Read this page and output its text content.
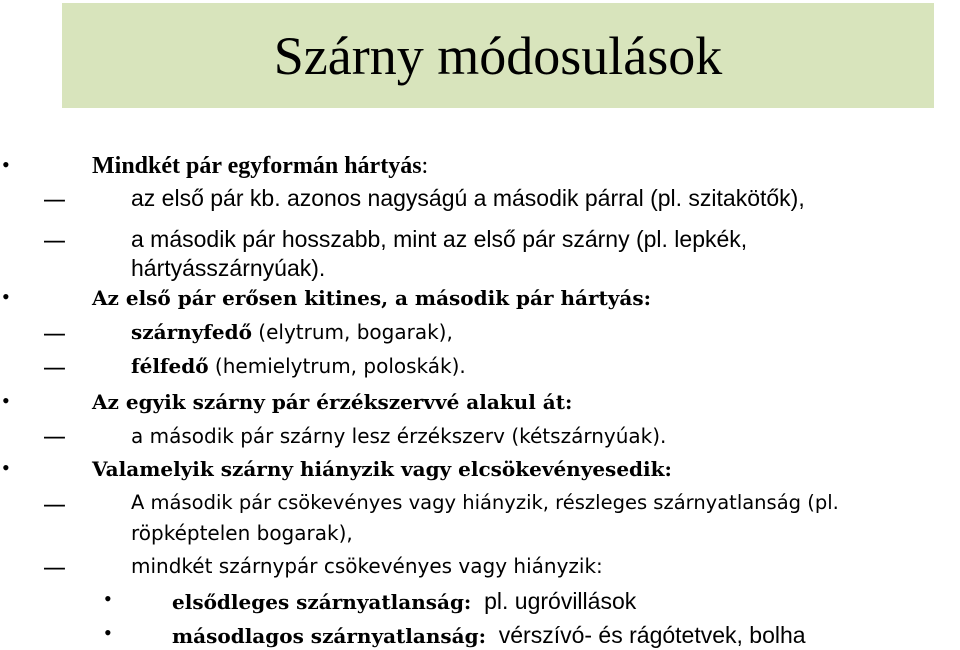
Szárny módosulások
•	Mindkét pár egyformán hártyás:
–	az első pár kb. azonos nagyságú a második párral (pl. szitakötők),
–	a második pár hosszabb, mint az első pár szárny (pl. lepkék,
hártyásszárnyúak).
•	Az első pár erősen kitines, a második pár hártyás:
–	szárnyfedő (elytrum, bogarak),
–	félfedő (hemielytrum, poloskák).
•	Az egyik szárny pár érzékszervvé alakul át:
–	a második pár szárny lesz érzékszerv (kétszárnyúak).
•	Valamelyik szárny hiányzik vagy elcsökevényesedik:
–	A második pár csökevényes vagy hiányzik, részleges szárnyatlanság (pl.
röpképtelen bogarak),
–	mindkét szárnypár csökevényes vagy hiányzik:
•	elsődleges szárnyatlanság:  pl. ugróvillások
•	másodlagos szárnyatlanság:  vérszívó- és rágótetvek, bolha
